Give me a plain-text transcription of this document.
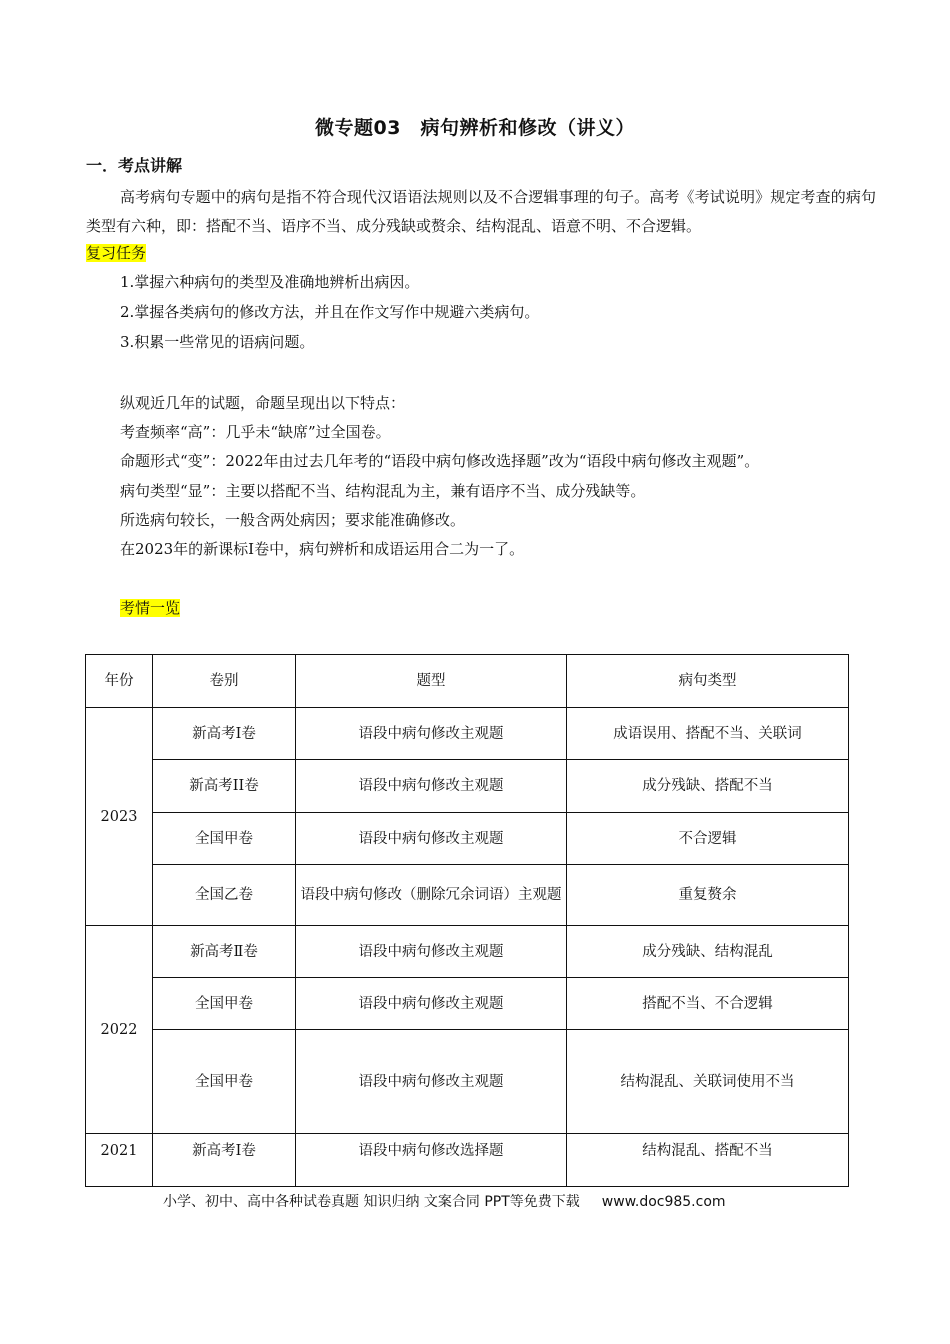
微专题03　病句辨析和修改（讲义）
一．考点讲解
高考病句专题中的病句是指不符合现代汉语语法规则以及不合逻辑事理的句子。高考《考试说明》规定考查的病句类型有六种，即：搭配不当、语序不当、成分残缺或赘余、结构混乱、语意不明、不合逻辑。
复习任务
1.掌握六种病句的类型及准确地辨析出病因。
2.掌握各类病句的修改方法，并且在作文写作中规避六类病句。
3.积累一些常见的语病问题。
纵观近几年的试题，命题呈现出以下特点：
考查频率“高”：几乎未“缺席”过全国卷。
命题形式“变”：2022年由过去几年考的“语段中病句修改选择题”改为“语段中病句修改主观题”。
病句类型“显”：主要以搭配不当、结构混乱为主，兼有语序不当、成分残缺等。
所选病句较长，一般含两处病因；要求能准确修改。
在2023年的新课标I卷中，病句辨析和成语运用合二为一了。
考情一览
年份	卷别	题型	病句类型
2023	新高考I卷	语段中病句修改主观题	成语误用、搭配不当、关联词
	新高考II卷	语段中病句修改主观题	成分残缺、搭配不当
	全国甲卷	语段中病句修改主观题	不合逻辑
	全国乙卷	语段中病句修改（删除冗余词语）主观题	重复赘余
2022	新高考Ⅱ卷	语段中病句修改主观题	成分残缺、结构混乱
	全国甲卷	语段中病句修改主观题	搭配不当、不合逻辑
	全国甲卷	语段中病句修改主观题	结构混乱、关联词使用不当
2021	新高考Ⅰ卷	语段中病句修改选择题	结构混乱、搭配不当
小学、初中、高中各种试卷真题 知识归纳 文案合同 PPT等免费下载 www.doc985.com
